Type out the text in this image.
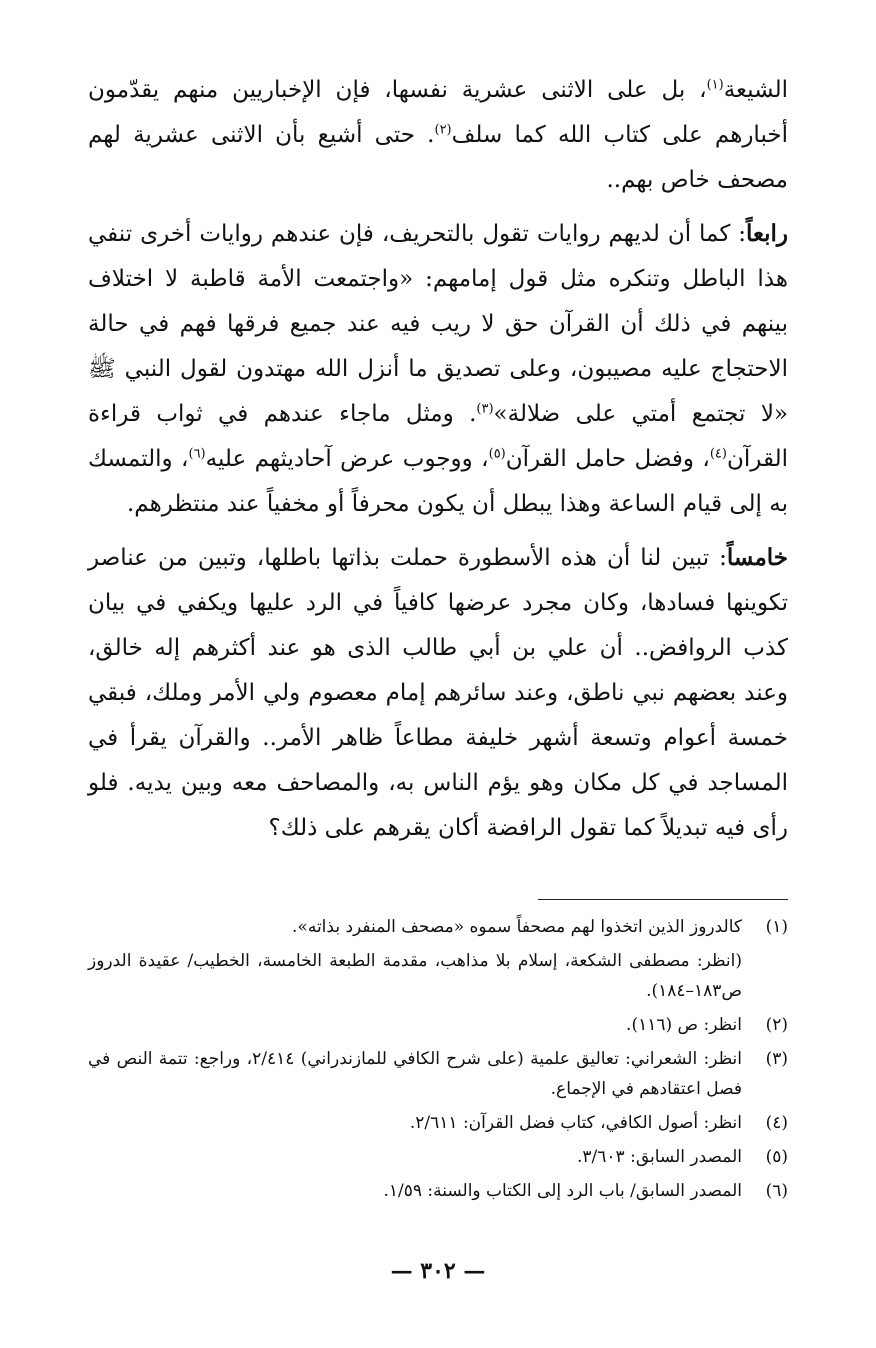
الشيعة$^{(١)}$، بل على الاثنى عشرية نفسها، فإن الإخباريين منهم يقدّمون أخبارهم على كتاب الله كما سلف$^{(٢)}$. حتى أشيع بأن الاثنى عشرية لهم مصحف خاص بهم..

رابعاً: كما أن لديهم روايات تقول بالتحريف، فإن عندهم روايات أخرى تنفي هذا الباطل وتنكره مثل قول إمامهم: «واجتمعت الأمة قاطبة لا اختلاف بينهم في ذلك أن القرآن حق لا ريب فيه عند جميع فرقها فهم في حالة الاحتجاج عليه مصيبون، وعلى تصديق ما أنزل الله مهتدون لقول النبي ﷺ «لا تجتمع أمتي على ضلالة»$^{(٣)}$. ومثل ماجاء عندهم في ثواب قراءة القرآن$^{(٤)}$، وفضل حامل القرآن$^{(٥)}$، ووجوب عرض آحاديثهم عليه$^{(٦)}$، والتمسك به إلى قيام الساعة وهذا يبطل أن يكون محرفاً أو مخفياً عند منتظرهم.

خامساً: تبين لنا أن هذه الأسطورة حملت بذاتها باطلها، وتبين من عناصر تكوينها فسادها، وكان مجرد عرضها كافياً في الرد عليها ويكفي في بيان كذب الروافض.. أن علي بن أبي طالب الذى هو عند أكثرهم إله خالق، وعند بعضهم نبي ناطق، وعند سائرهم إمام معصوم ولي الأمر وملك، فبقي خمسة أعوام وتسعة أشهر خليفة مطاعاً ظاهر الأمر.. والقرآن يقرأ في المساجد في كل مكان وهو يؤم الناس به، والمصاحف معه وبين يديه. فلو رأى فيه تبديلاً كما تقول الرافضة أكان يقرهم على ذلك؟

(١)
كالدروز الذين اتخذوا لهم مصحفاً سموه «مصحف المنفرد بذاته».
(انظر: مصطفى الشكعة، إسلام بلا مذاهب، مقدمة الطبعة الخامسة، الخطيب/ عقيدة الدروز ص١٨٣–١٨٤).
(٢)
انظر: ص (١١٦).
(٣)
انظر: الشعراني: تعاليق علمية (على شرح الكافي للمازندراني) ٢/٤١٤، وراجع: تتمة النص في فصل اعتقادهم في الإجماع.
(٤)
انظر: أصول الكافي، كتاب فضل القرآن: ٢/٦١١.
(٥)
المصدر السابق: ٣/٦٠٣.
(٦)
المصدر السابق/ باب الرد إلى الكتاب والسنة: ١/٥٩.
— ٣٠٢ —
